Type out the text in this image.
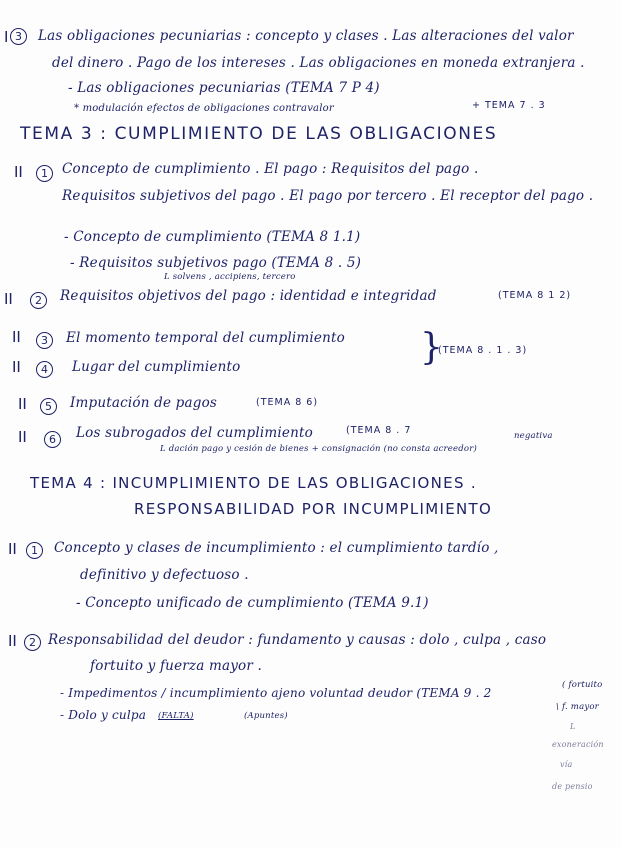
I 3	Las obligaciones pecuniarias : concepto y clases . Las alteraciones del valor
del dinero . Pago de los intereses . Las obligaciones en moneda extranjera .
- Las obligaciones pecuniarias (TEMA 7 P 4)
* modulación efectos de obligaciones contravalor	+ TEMA 7 . 3
TEMA 3 : CUMPLIMIENTO DE LAS OBLIGACIONES
II	1	Concepto de cumplimiento . El pago : Requisitos del pago .
Requisitos subjetivos del pago . El pago por tercero . El receptor del pago .
- Concepto de cumplimiento (TEMA 8 1.1)
- Requisitos subjetivos pago (TEMA 8 . 5)
L solvens , accipiens, tercero
II	2	Requisitos objetivos del pago : identidad e integridad	(TEMA 8 1 2)
II	3	El momento temporal del cumplimiento
II	4	Lugar del cumplimiento	}
(TEMA 8 . 1 . 3)
II	5	Imputación de pagos	(TEMA 8 6)
II	6	Los subrogados del cumplimiento	(TEMA 8 . 7	negativa
L dación pago y cesión de bienes + consignación (no consta acreedor)
TEMA 4 : INCUMPLIMIENTO DE LAS OBLIGACIONES .
RESPONSABILIDAD POR INCUMPLIMIENTO
II	1	Concepto y clases de incumplimiento : el cumplimiento tardío ,
definitivo y defectuoso .
- Concepto unificado de cumplimiento (TEMA 9.1)
II	2 Responsabilidad del deudor : fundamento y causas : dolo , culpa , caso
fortuito y fuerza mayor .
- Impedimentos / incumplimiento ajeno voluntad deudor (TEMA 9 . 2
- Dolo y culpa (FALTA)	(Apuntes)
( fortuito
\ f. mayor
L
exoneración
vía
de pensio
